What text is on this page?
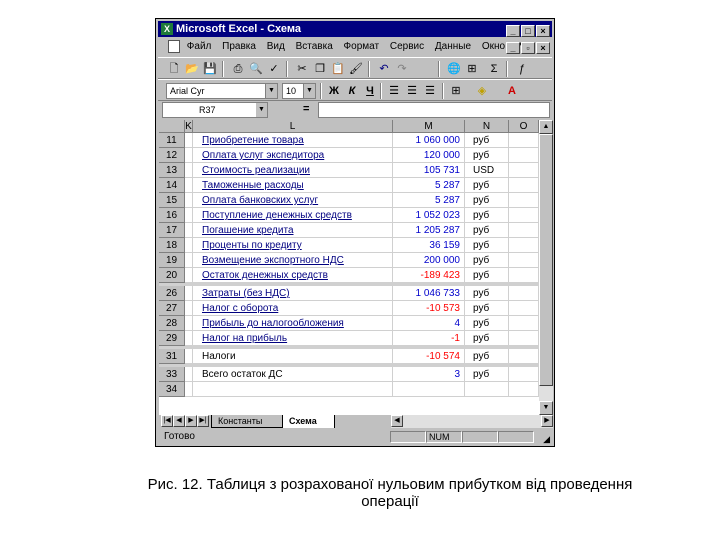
X Microsoft Excel - Схема	_ □ ×
Файл Правка Вид Вставка Формат Сервис Данные Окно _ ▫ ×
🗋 📂 💾	⎙ 🔍 ✓	✂ ❐ 📋 🖌	↶ ↷	🌐 ⊞	Σ	ƒ
Arial Cyr	▼	10	▼ Ж К Ч	☰ ☰ ☰	⊞	◈	A
R37	▼	=
K	L	M	N	O
11	Приобретение товара	1 060 000	руб
12	Оплата услуг экспедитора	120 000	руб
13	Стоимость реализации	105 731	USD
14	Таможенные расходы	5 287	руб
15	Оплата банковских услуг	5 287	руб
16	Поступление денежных средств	1 052 023	руб
17	Погашение кредита	1 205 287	руб
18	Проценты по кредиту	36 159	руб
19	Возмещение экспортного НДС	200 000	руб
20	Остаток денежных средств	-189 423	руб
26	Затраты (без НДС)	1 046 733	руб
27	Налог с оборота	-10 573	руб
28	Прибыль до налогообложения	4	руб
29	Налог на прибыль	-1	руб
31	Налоги	-10 574	руб
33	Всего остаток ДС	3	руб
34
▲
▼
|◀ ◀ ▶ ▶|	Константы	Схема	◀	▶
Готово	NUM	◢
Рис. 12. Таблиця з розрахованої нульовим прибутком від проведення операції
